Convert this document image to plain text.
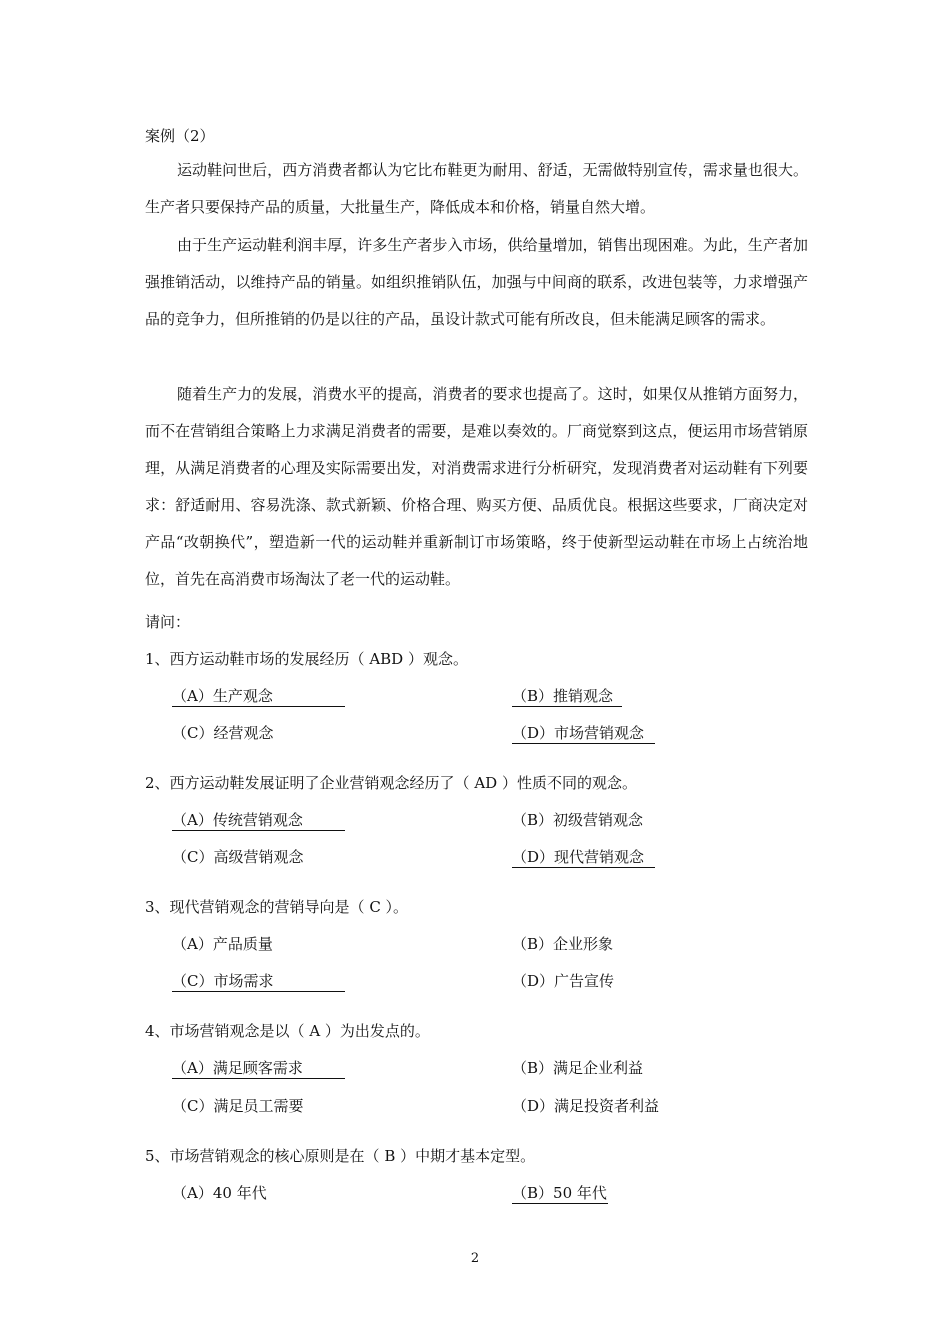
案例（2）
运动鞋问世后，西方消费者都认为它比布鞋更为耐用、舒适，无需做特别宣传，需求量也很大。生产者只要保持产品的质量，大批量生产，降低成本和价格，销量自然大增。
由于生产运动鞋利润丰厚，许多生产者步入市场，供给量增加，销售出现困难。为此，生产者加强推销活动，以维持产品的销量。如组织推销队伍，加强与中间商的联系，改进包装等，力求增强产品的竞争力，但所推销的仍是以往的产品，虽设计款式可能有所改良，但未能满足顾客的需求。
随着生产力的发展，消费水平的提高，消费者的要求也提高了。这时，如果仅从推销方面努力，而不在营销组合策略上力求满足消费者的需要，是难以奏效的。厂商觉察到这点，便运用市场营销原理，从满足消费者的心理及实际需要出发，对消费需求进行分析研究，发现消费者对运动鞋有下列要求：舒适耐用、容易洗涤、款式新颖、价格合理、购买方便、品质优良。根据这些要求，厂商决定对产品“改朝换代”，塑造新一代的运动鞋并重新制订市场策略，终于使新型运动鞋在市场上占统治地位，首先在高消费市场淘汰了老一代的运动鞋。
请问：
1、西方运动鞋市场的发展经历（ ABD ）观念。
（A）生产观念	（B）推销观念
（C）经营观念	（D）市场营销观念
2、西方运动鞋发展证明了企业营销观念经历了（ AD ）性质不同的观念。
（A）传统营销观念	（B）初级营销观念
（C）高级营销观念	（D）现代营销观念
3、现代营销观念的营销导向是（ C ）。
（A）产品质量	（B）企业形象
（C）市场需求	（D）广告宣传
4、市场营销观念是以（ A ）为出发点的。
（A）满足顾客需求	（B）满足企业利益
（C）满足员工需要	（D）满足投资者利益
5、市场营销观念的核心原则是在（ B ）中期才基本定型。
（A）40 年代	（B）50 年代
2
